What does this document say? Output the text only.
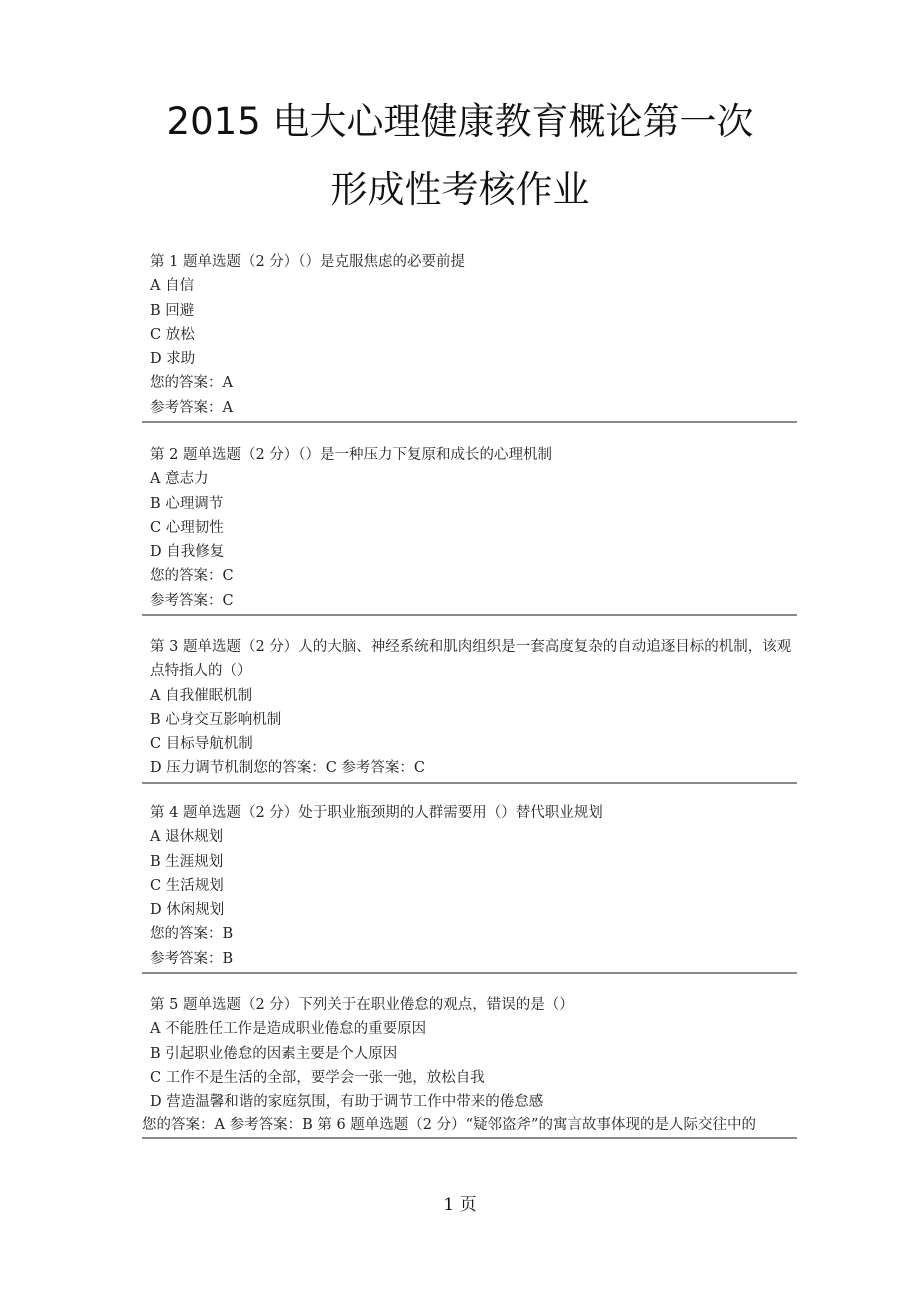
2015 电大心理健康教育概论第一次
形成性考核作业
第 1 题单选题（2 分）（）是克服焦虑的必要前提
A 自信
B 回避
C 放松
D 求助
您的答案：A
参考答案：A
第 2 题单选题（2 分）（）是一种压力下复原和成长的心理机制
A 意志力
B 心理调节
C 心理韧性
D 自我修复
您的答案：C
参考答案：C
第 3 题单选题（2 分）人的大脑、神经系统和肌肉组织是一套高度复杂的自动追逐目标的机制，该观点特指人的（）
A 自我催眠机制
B 心身交互影响机制
C 目标导航机制
D 压力调节机制您的答案：C 参考答案：C
第 4 题单选题（2 分）处于职业瓶颈期的人群需要用（）替代职业规划
A 退休规划
B 生涯规划
C 生活规划
D 休闲规划
您的答案：B
参考答案：B
第 5 题单选题（2 分）下列关于在职业倦怠的观点，错误的是（）
A 不能胜任工作是造成职业倦怠的重要原因
B 引起职业倦怠的因素主要是个人原因
C 工作不是生活的全部，要学会一张一弛，放松自我
D 营造温馨和谐的家庭氛围，有助于调节工作中带来的倦怠感
您的答案：A 参考答案：B 第 6 题单选题（2 分）“疑邻盗斧”的寓言故事体现的是人际交往中的
1 页
